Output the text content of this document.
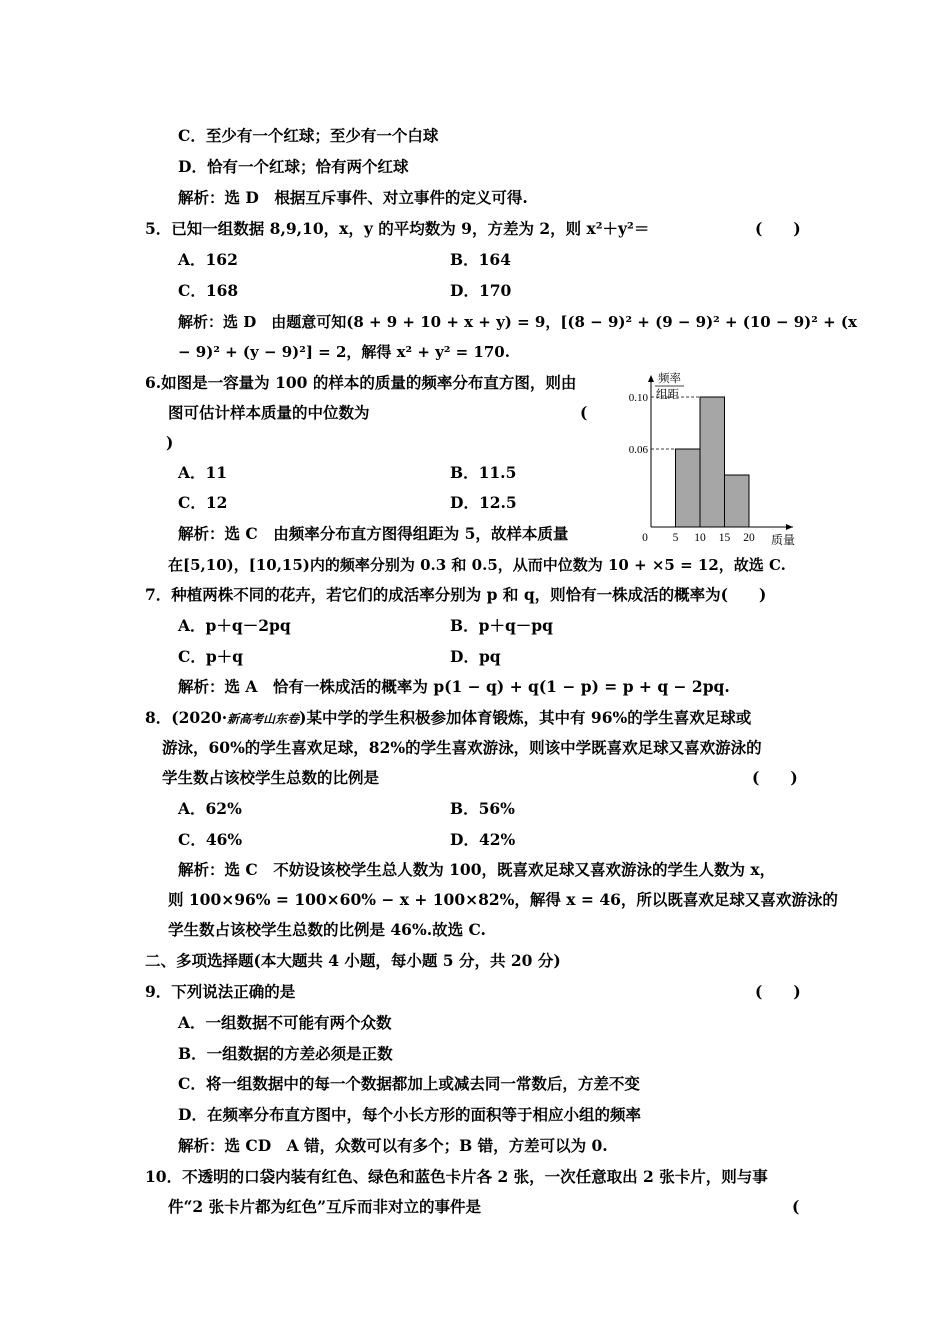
C．至少有一个红球；至少有一个白球
D．恰有一个红球；恰有两个红球
解析：选 D　根据互斥事件、对立事件的定义可得.
5．已知一组数据 8,9,10，x，y 的平均数为 9，方差为 2，则 x²＋y²＝	(　　)
A．162	B．164
C．168	D．170
解析：选 D　由题意可知(8 + 9 + 10 + x + y) = 9，[(8 − 9)² + (9 − 9)² + (10 − 9)² + (x
− 9)² + (y − 9)²] = 2，解得 x² + y² = 170.
6.如图是一容量为 100 的样本的质量的频率分布直方图，则由
图可估计样本质量的中位数为	(
)
A．11	B．11.5
C．12	D．12.5
解析：选 C　由频率分布直方图得组距为 5，故样本质量
在[5,10)，[10,15)内的频率分别为 0.3 和 0.5，从而中位数为 10 + ×5 = 12，故选 C.
0.06
0.10
0 5 10 15 20 质量
频率
组距
7．种植两株不同的花卉，若它们的成活率分别为 p 和 q，则恰有一株成活的概率为(　　)
A．p＋q－2pq	B．p＋q－pq
C．p＋q	D．pq
解析：选 A　恰有一株成活的概率为 p(1 − q) + q(1 − p) = p + q − 2pq.
8．(2020·新高考山东卷)某中学的学生积极参加体育锻炼，其中有 96%的学生喜欢足球或
游泳，60%的学生喜欢足球，82%的学生喜欢游泳，则该中学既喜欢足球又喜欢游泳的
学生数占该校学生总数的比例是	(　　)
A．62%	B．56%
C．46%	D．42%
解析：选 C　不妨设该校学生总人数为 100，既喜欢足球又喜欢游泳的学生人数为 x，
则 100×96% = 100×60% − x + 100×82%，解得 x = 46，所以既喜欢足球又喜欢游泳的
学生数占该校学生总数的比例是 46%.故选 C.
二、多项选择题(本大题共 4 小题，每小题 5 分，共 20 分)
9．下列说法正确的是	(　　)
A．一组数据不可能有两个众数
B．一组数据的方差必须是正数
C．将一组数据中的每一个数据都加上或减去同一常数后，方差不变
D．在频率分布直方图中，每个小长方形的面积等于相应小组的频率
解析：选 CD　A 错，众数可以有多个；B 错，方差可以为 0.
10．不透明的口袋内装有红色、绿色和蓝色卡片各 2 张，一次任意取出 2 张卡片，则与事
件“2 张卡片都为红色”互斥而非对立的事件是	(
